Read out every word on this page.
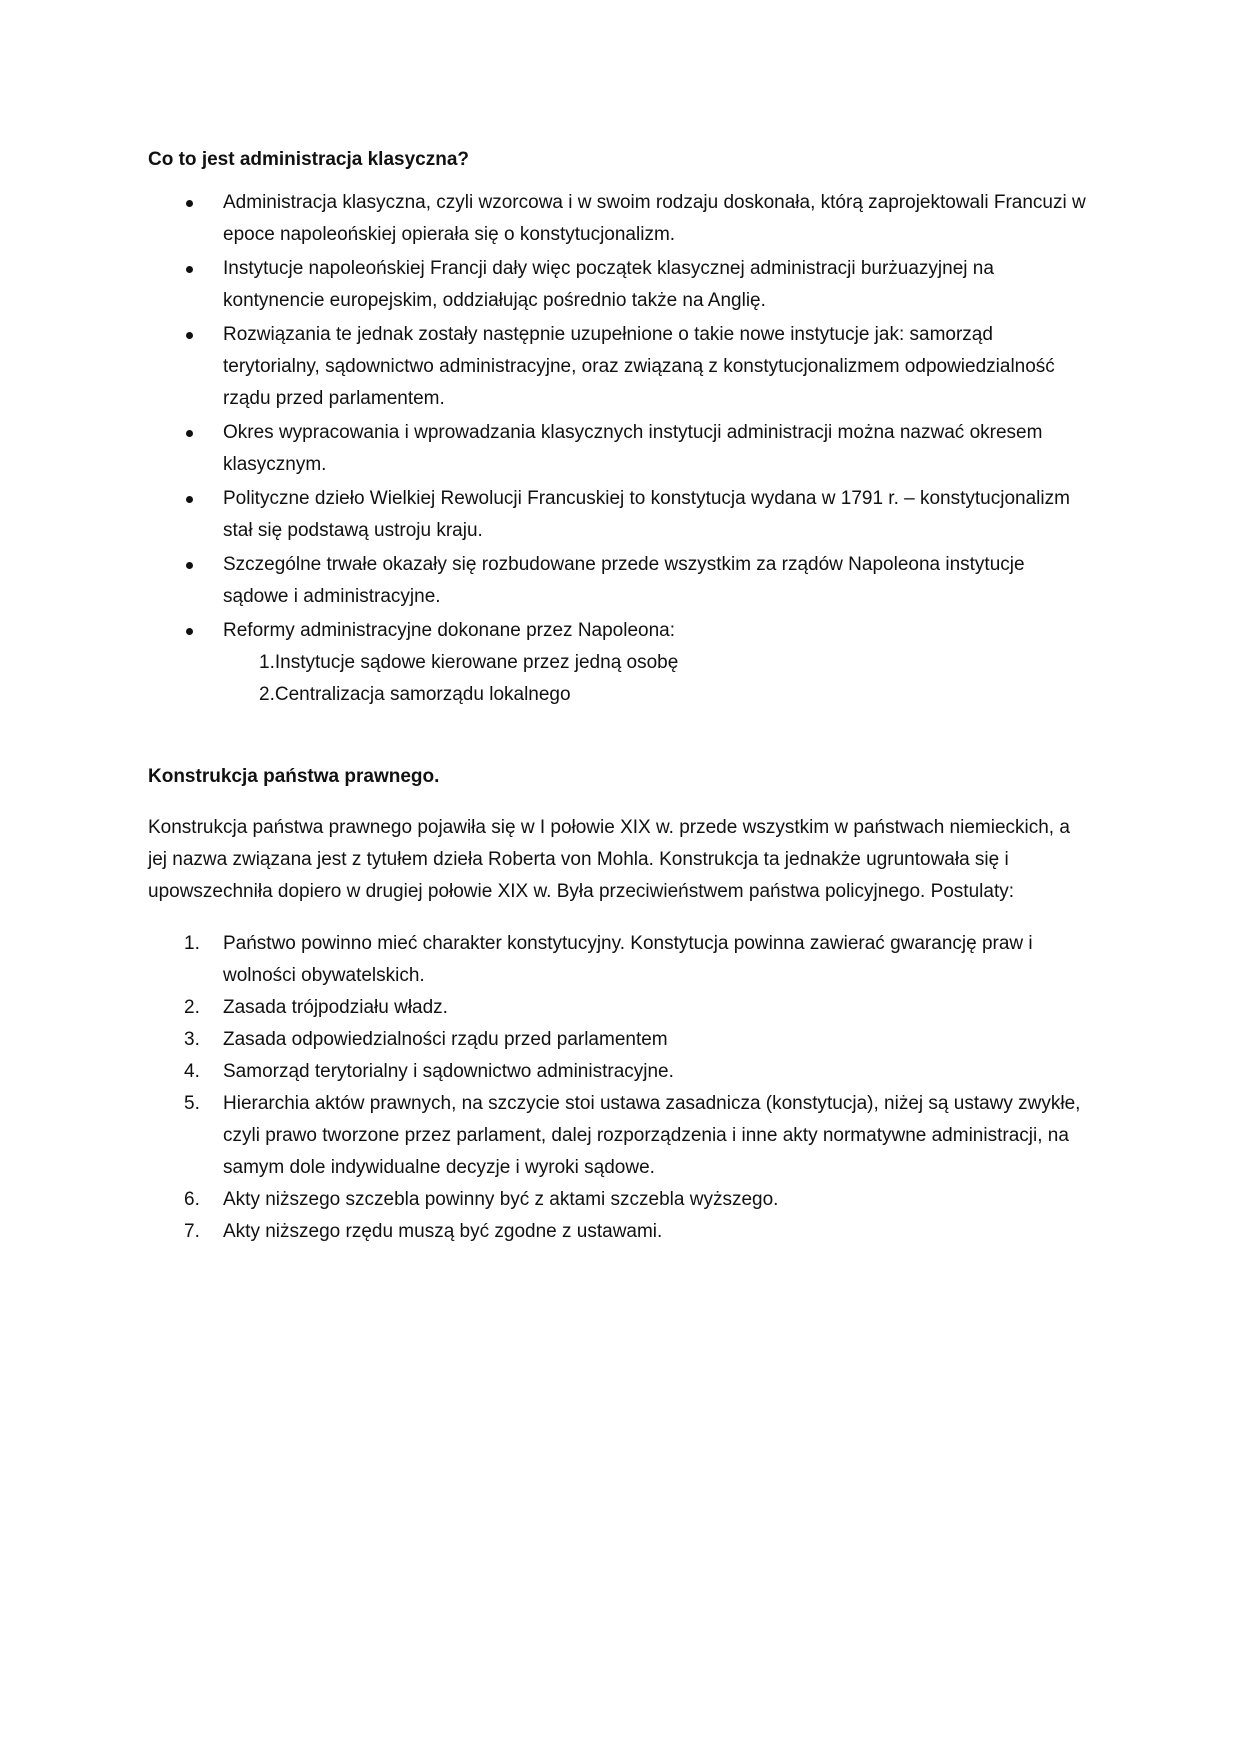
Co to jest administracja klasyczna?
Administracja klasyczna, czyli wzorcowa i w swoim rodzaju doskonała, którą zaprojektowali Francuzi w epoce napoleońskiej opierała się o konstytucjonalizm.
Instytucje napoleońskiej Francji dały więc początek klasycznej administracji burżuazyjnej na kontynencie europejskim, oddziałując pośrednio także na Anglię.
Rozwiązania te jednak zostały następnie uzupełnione o takie nowe instytucje jak: samorząd terytorialny, sądownictwo administracyjne, oraz związaną z konstytucjonalizmem odpowiedzialność rządu przed parlamentem.
Okres wypracowania i wprowadzania klasycznych instytucji administracji można nazwać okresem klasycznym.
Polityczne dzieło Wielkiej Rewolucji Francuskiej to konstytucja wydana w 1791 r. – konstytucjonalizm stał się podstawą ustroju kraju.
Szczególne trwałe okazały się rozbudowane przede wszystkim za rządów Napoleona instytucje sądowe i administracyjne.
Reformy administracyjne dokonane przez Napoleona:
1.Instytucje sądowe kierowane przez jedną osobę
2.Centralizacja samorządu lokalnego
Konstrukcja państwa prawnego.

Konstrukcja państwa prawnego pojawiła się w I połowie XIX w. przede wszystkim w państwach niemieckich, a jej nazwa związana jest z tytułem dzieła Roberta von Mohla. Konstrukcja ta jednakże ugruntowała się i upowszechniła dopiero w drugiej połowie XIX w. Była przeciwieństwem państwa policyjnego. Postulaty:

1. Państwo powinno mieć charakter konstytucyjny. Konstytucja powinna zawierać gwarancję praw i wolności obywatelskich.
2. Zasada trójpodziału władz.
3. Zasada odpowiedzialności rządu przed parlamentem
4. Samorząd terytorialny i sądownictwo administracyjne.
5. Hierarchia aktów prawnych, na szczycie stoi ustawa zasadnicza (konstytucja), niżej są ustawy zwykłe, czyli prawo tworzone przez parlament, dalej rozporządzenia i inne akty normatywne administracji, na samym dole indywidualne decyzje i wyroki sądowe.
6. Akty niższego szczebla powinny być z aktami szczebla wyższego.
7. Akty niższego rzędu muszą być zgodne z ustawami.
